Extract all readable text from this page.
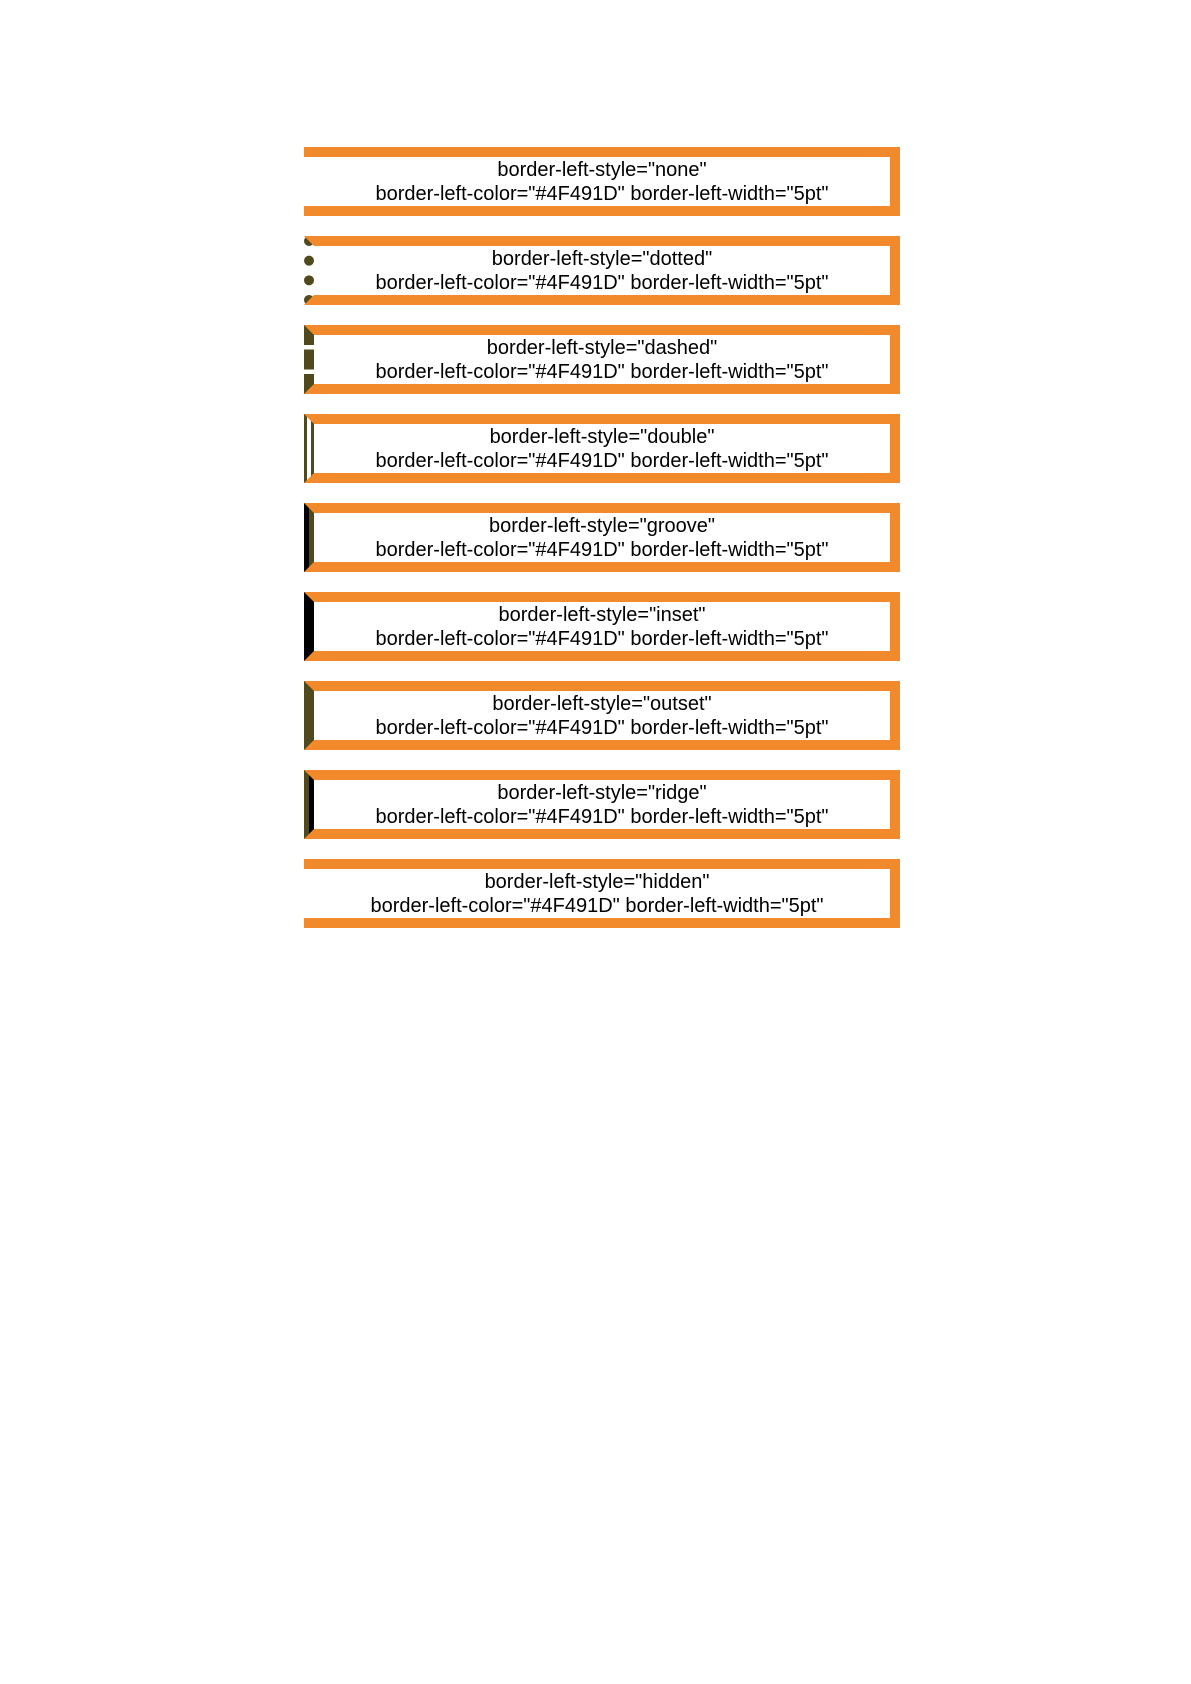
border-left-style="none"
border-left-color="#4F491D" border-left-width="5pt"
border-left-style="dotted"
border-left-color="#4F491D" border-left-width="5pt"
border-left-style="dashed"
border-left-color="#4F491D" border-left-width="5pt"
border-left-style="double"
border-left-color="#4F491D" border-left-width="5pt"
border-left-style="groove"
border-left-color="#4F491D" border-left-width="5pt"
border-left-style="inset"
border-left-color="#4F491D" border-left-width="5pt"
border-left-style="outset"
border-left-color="#4F491D" border-left-width="5pt"
border-left-style="ridge"
border-left-color="#4F491D" border-left-width="5pt"
border-left-style="hidden"
border-left-color="#4F491D" border-left-width="5pt"
